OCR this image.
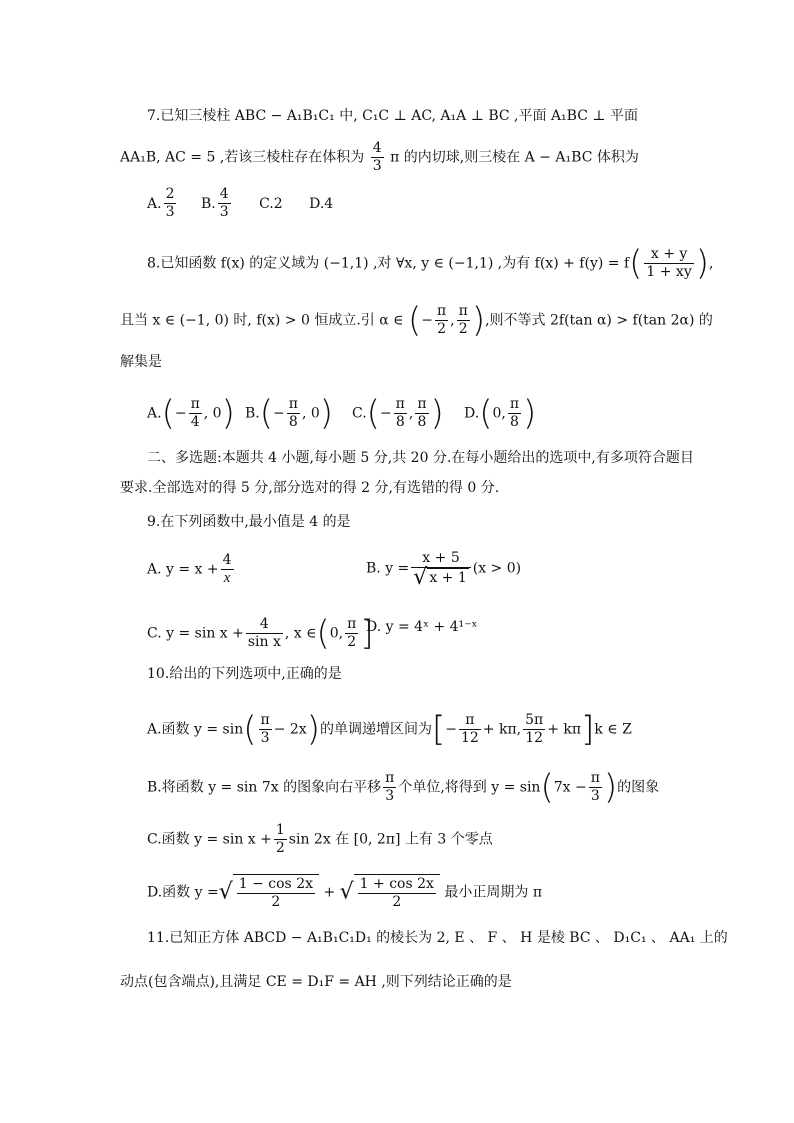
7.已知三棱柱 ABC − A₁B₁C₁ 中, C₁C ⊥ AC, A₁A ⊥ BC ,平面 A₁BC ⊥ 平面
AA₁B, AC = 5 ,若该三棱柱存在体积为 $\frac{4}{3}$ π 的内切球,则三棱在 A − A₁BC 体积为
A. $\frac{2}{3} B$. $\frac{4}{3} C.2$ D.4
8.已知函数 f(x) 的定义域为 (−1,1) ,对 ∀x, y ∈ (−1,1) ,为有 $f(x) + f(y) = f( \frac{x + y}{1 + xy}$ ),
且当 x ∈ (−1, 0) 时, f(x) > 0 恒成立.引 α ∈ (− $\frac{\pi}{2}$ , $\frac{\pi}{2}$ ),则不等式 2f(tan α) > f(tan 2α) 的
解集是
$A.(- \frac{\pi}{4}$ , 0) $B.(- \frac{\pi}{8}$ , 0) $C.(- \frac{\pi}{8}$ , $\frac{\pi}{8}$ ) D.(0, $\frac{\pi}{8}$ )
二、多选题:本题共 4 小题,每小题 5 分,共 20 分.在每小题给出的选项中,有多项符合题目
要求.全部选对的得 5 分,部分选对的得 2 分,有选错的得 0 分.
9.在下列函数中,最小值是 4 的是
A. $y = x + \frac{4}{x}$	B. $y = \frac{x + 5}{√ x + 1} (x > 0)$
C. $y = \sin x + \frac{4}{\text{sin x}}$ , x ∈(0, $\frac{\pi}{2}$ ]
D. y = 4ˣ + 4¹⁻ˣ
10.给出的下列选项中,正确的是
A.函数 $y = \sin( \frac{\pi}{3} - 2x)$的单调递增区间为[− $\frac{\pi}{12} + k\pi$, $\frac{5\pi}{12} + k\pi]k$ ∈ Z
B.将函数 y = sin 7x 的图象向右平移 $\frac{\pi}{3}$ 个单位,将得到 $y = \sin(7x - \frac{\pi}{3}$ )的图象
C.函数 $y = \sin x + \frac{1}{2}$ sin 2x 在 [0, 2π] 上有 3 个零点
D.函数 y =√ $\frac{1 - \cos 2x}{2}$ + √ $\frac{1 + \cos 2x}{2}$ 最小正周期为 π
11.已知正方体 ABCD − A₁B₁C₁D₁ 的棱长为 2, E 、 F 、 H 是棱 BC 、 D₁C₁ 、 AA₁ 上的
动点(包含端点),且满足 CE = D₁F = AH ,则下列结论正确的是
